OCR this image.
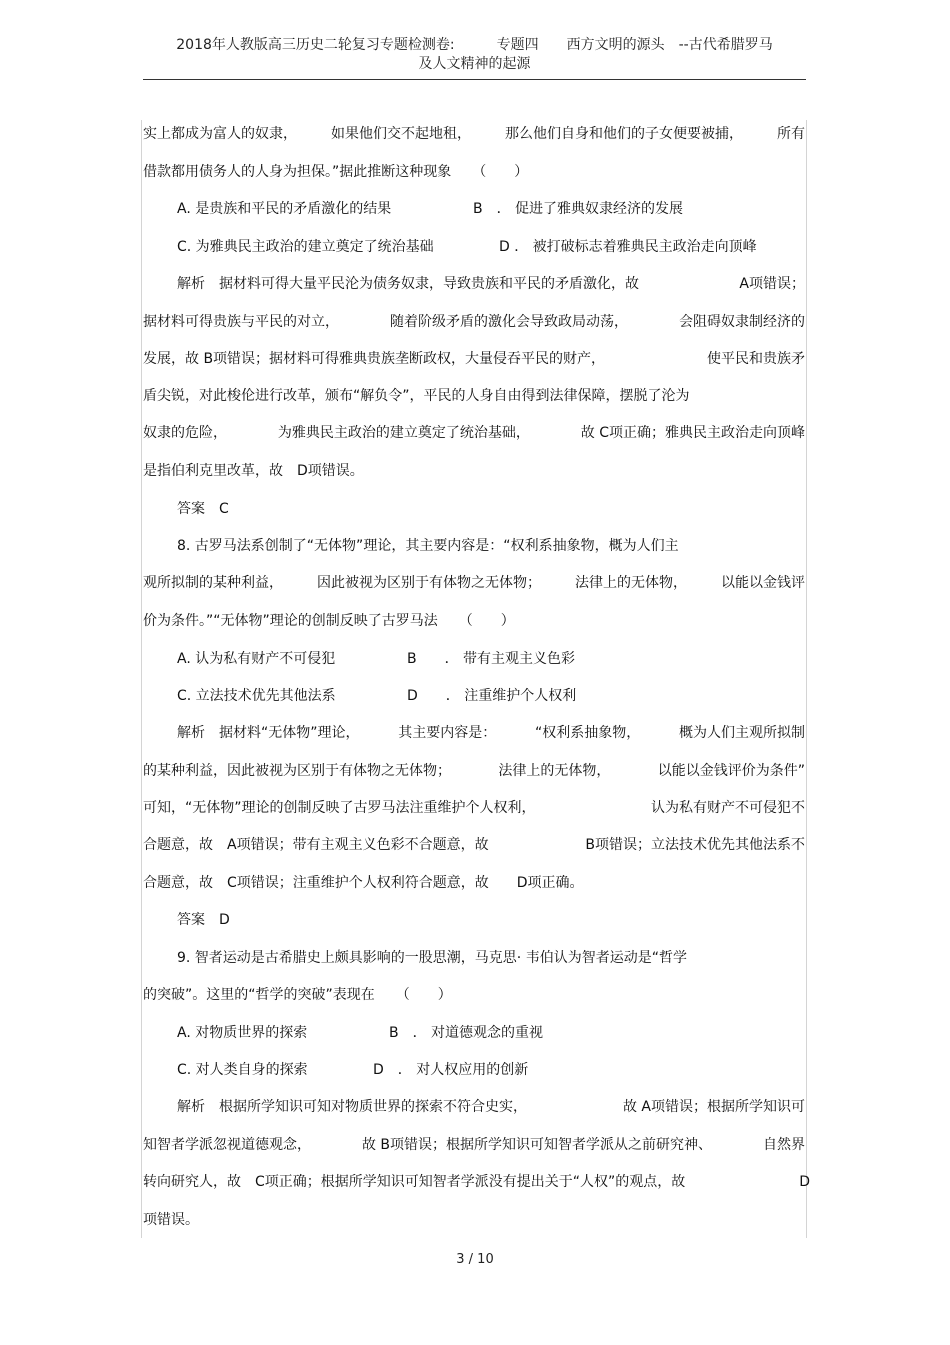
2018年人教版高三历史二轮复习专题检测卷:　　　专题四　　西方文明的源头　--古代希腊罗马
及人文精神的起源
实上都成为富人的奴隶， 如果他们交不起地租， 那么他们自身和他们的子女便要被捕， 所有
借款都用债务人的人身为担保。”据此推断这种现象　　（　　）
A. 是贵族和平民的矛盾激化的结果	B　． 促进了雅典奴隶经济的发展
C. 为雅典民主政治的建立奠定了统治基础	D ． 被打破标志着雅典民主政治走向顶峰
解析　据材料可得大量平民沦为债务奴隶，导致贵族和平民的矛盾激化，故	A项错误；
据材料可得贵族与平民的对立，	随着阶级矛盾的激化会导致政局动荡，	会阻碍奴隶制经济的
发展，故 B项错误；据材料可得雅典贵族垄断政权，大量侵吞平民的财产，	使平民和贵族矛
盾尖锐，对此梭伦进行改革，颁布“解负令”，平民的人身自由得到法律保障，摆脱了沦为
奴隶的危险，	为雅典民主政治的建立奠定了统治基础，	故 C项正确；雅典民主政治走向顶峰
是指伯利克里改革，故　D项错误。
答案　C
8. 古罗马法系创制了“无体物”理论，其主要内容是：“权利系抽象物，概为人们主
观所拟制的某种利益， 因此被视为区别于有体物之无体物； 法律上的无体物， 以能以金钱评
价为条件。”“无体物”理论的创制反映了古罗马法　　（　　）
A. 认为私有财产不可侵犯	B　　． 带有主观主义色彩
C. 立法技术优先其他法系	D　　． 注重维护个人权利
解析　据材料“无体物”理论，	其主要内容是：	“权利系抽象物，	概为人们主观所拟制
的某种利益，因此被视为区别于有体物之无体物；	法律上的无体物，	以能以金钱评价为条件”
可知，“无体物”理论的创制反映了古罗马法注重维护个人权利，	认为私有财产不可侵犯不
合题意，故　A项错误；带有主观主义色彩不合题意，故	B项错误；立法技术优先其他法系不
合题意，故　C项错误；注重维护个人权利符合题意，故　　D项正确。
答案　D
9. 智者运动是古希腊史上颇具影响的一股思潮，马克思· 韦伯认为智者运动是“哲学
的突破”。这里的“哲学的突破”表现在　　（　　）
A. 对物质世界的探索	B　． 对道德观念的重视
C. 对人类自身的探索	D　． 对人权应用的创新
解析　根据所学知识可知对物质世界的探索不符合史实，	故 A项错误；根据所学知识可
知智者学派忽视道德观念，	故 B项错误；根据所学知识可知智者学派从之前研究神、	自然界
转向研究人，故　C项正确；根据所学知识可知智者学派没有提出关于“人权”的观点，故	D
项错误。
3 / 10
